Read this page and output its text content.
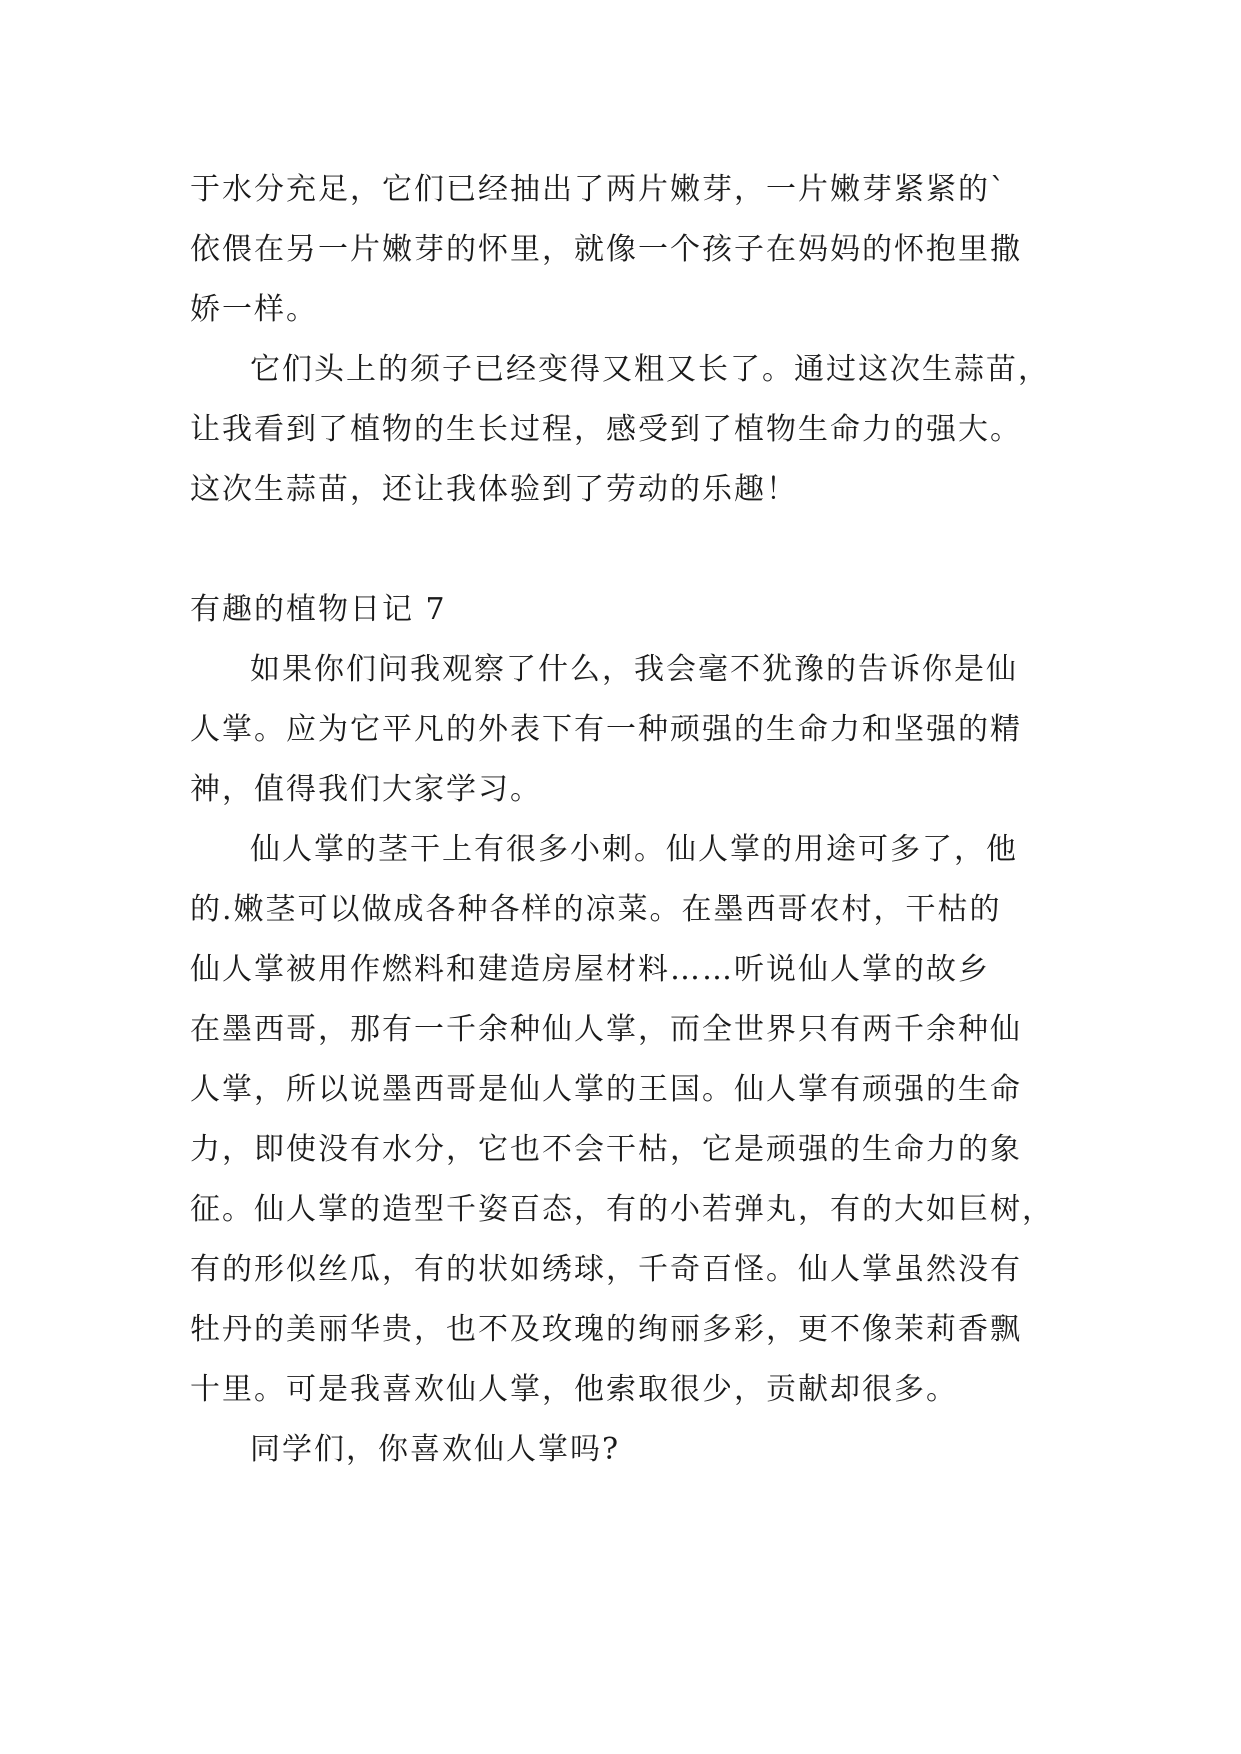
于水分充足，它们已经抽出了两片嫩芽，一片嫩芽紧紧的`
依偎在另一片嫩芽的怀里，就像一个孩子在妈妈的怀抱里撒
娇一样。
它们头上的须子已经变得又粗又长了。通过这次生蒜苗，
让我看到了植物的生长过程，感受到了植物生命力的强大。
这次生蒜苗，还让我体验到了劳动的乐趣！
有趣的植物日记 7
如果你们问我观察了什么，我会毫不犹豫的告诉你是仙
人掌。应为它平凡的外表下有一种顽强的生命力和坚强的精
神，值得我们大家学习。
仙人掌的茎干上有很多小刺。仙人掌的用途可多了，他
的.嫩茎可以做成各种各样的凉菜。在墨西哥农村，干枯的
仙人掌被用作燃料和建造房屋材料……听说仙人掌的故乡
在墨西哥，那有一千余种仙人掌，而全世界只有两千余种仙
人掌，所以说墨西哥是仙人掌的王国。仙人掌有顽强的生命
力，即使没有水分，它也不会干枯，它是顽强的生命力的象
征。仙人掌的造型千姿百态，有的小若弹丸，有的大如巨树，
有的形似丝瓜，有的状如绣球，千奇百怪。仙人掌虽然没有
牡丹的美丽华贵，也不及玫瑰的绚丽多彩，更不像茉莉香飘
十里。可是我喜欢仙人掌，他索取很少，贡献却很多。
同学们，你喜欢仙人掌吗?
